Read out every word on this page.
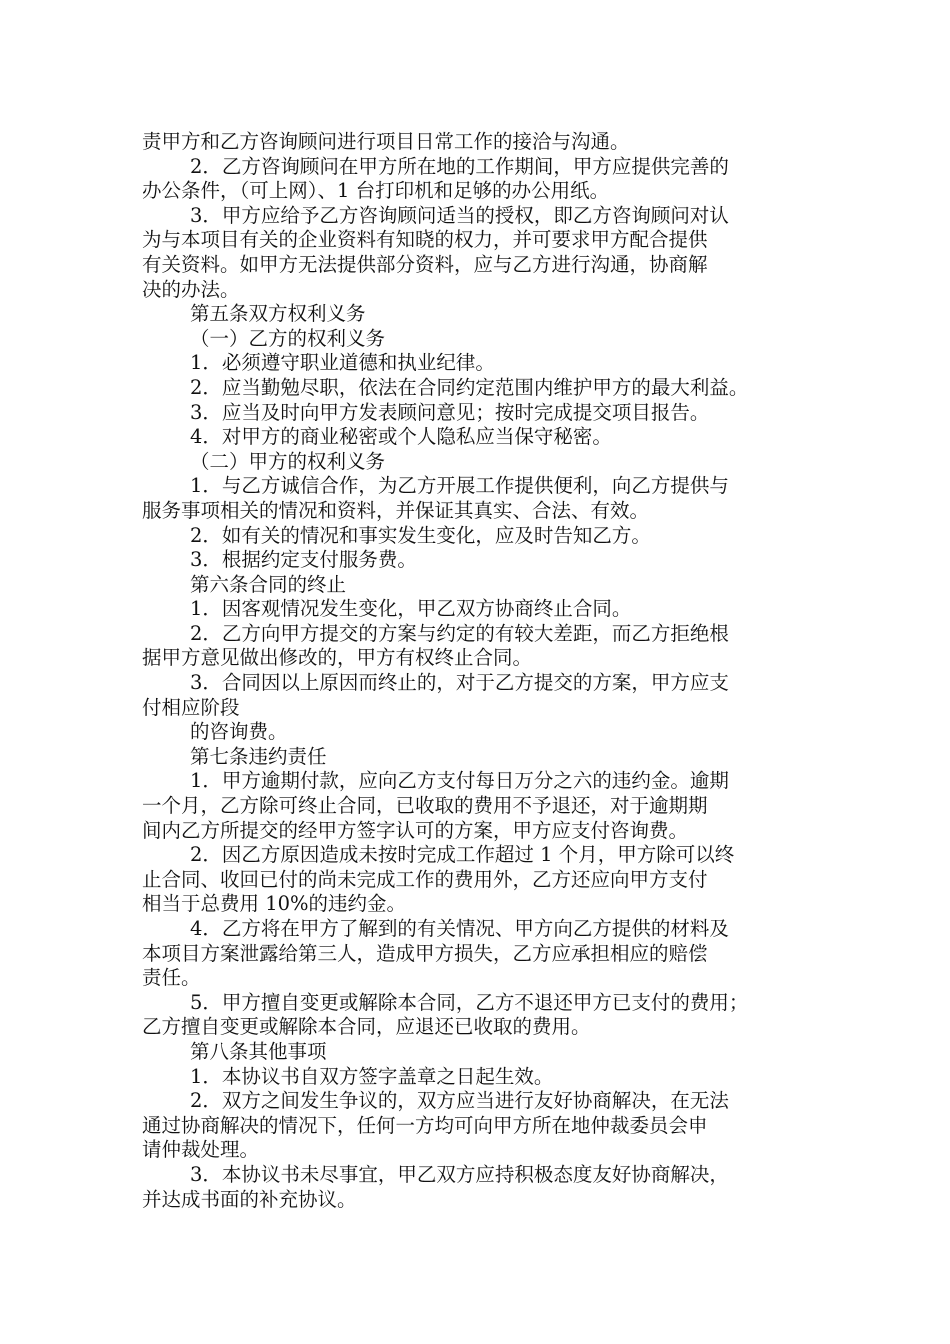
责甲方和乙方咨询顾问进行项目日常工作的接洽与沟通。

2．乙方咨询顾问在甲方所在地的工作期间，甲方应提供完善的

办公条件，（可上网）、1 台打印机和足够的办公用纸。

3．甲方应给予乙方咨询顾问适当的授权，即乙方咨询顾问对认

为与本项目有关的企业资料有知晓的权力，并可要求甲方配合提供

有关资料。如甲方无法提供部分资料，应与乙方进行沟通，协商解

决的办法。

第五条双方权利义务

（一）乙方的权利义务

1．必须遵守职业道德和执业纪律。

2．应当勤勉尽职，依法在合同约定范围内维护甲方的最大利益。

3．应当及时向甲方发表顾问意见；按时完成提交项目报告。

4．对甲方的商业秘密或个人隐私应当保守秘密。

（二）甲方的权利义务

1．与乙方诚信合作，为乙方开展工作提供便利，向乙方提供与

服务事项相关的情况和资料，并保证其真实、合法、有效。

2．如有关的情况和事实发生变化，应及时告知乙方。

3．根据约定支付服务费。

第六条合同的终止

1．因客观情况发生变化，甲乙双方协商终止合同。

2．乙方向甲方提交的方案与约定的有较大差距，而乙方拒绝根

据甲方意见做出修改的，甲方有权终止合同。

3．合同因以上原因而终止的，对于乙方提交的方案，甲方应支

付相应阶段

的咨询费。

第七条违约责任

1．甲方逾期付款，应向乙方支付每日万分之六的违约金。逾期

一个月，乙方除可终止合同，已收取的费用不予退还，对于逾期期

间内乙方所提交的经甲方签字认可的方案，甲方应支付咨询费。

2．因乙方原因造成未按时完成工作超过 1 个月，甲方除可以终

止合同、收回已付的尚未完成工作的费用外，乙方还应向甲方支付

相当于总费用 10%的违约金。

4．乙方将在甲方了解到的有关情况、甲方向乙方提供的材料及

本项目方案泄露给第三人，造成甲方损失，乙方应承担相应的赔偿

责任。

5．甲方擅自变更或解除本合同，乙方不退还甲方已支付的费用；

乙方擅自变更或解除本合同，应退还已收取的费用。

第八条其他事项

1．本协议书自双方签字盖章之日起生效。

2．双方之间发生争议的，双方应当进行友好协商解决，在无法

通过协商解决的情况下，任何一方均可向甲方所在地仲裁委员会申

请仲裁处理。

3．本协议书未尽事宜，甲乙双方应持积极态度友好协商解决，

并达成书面的补充协议。
